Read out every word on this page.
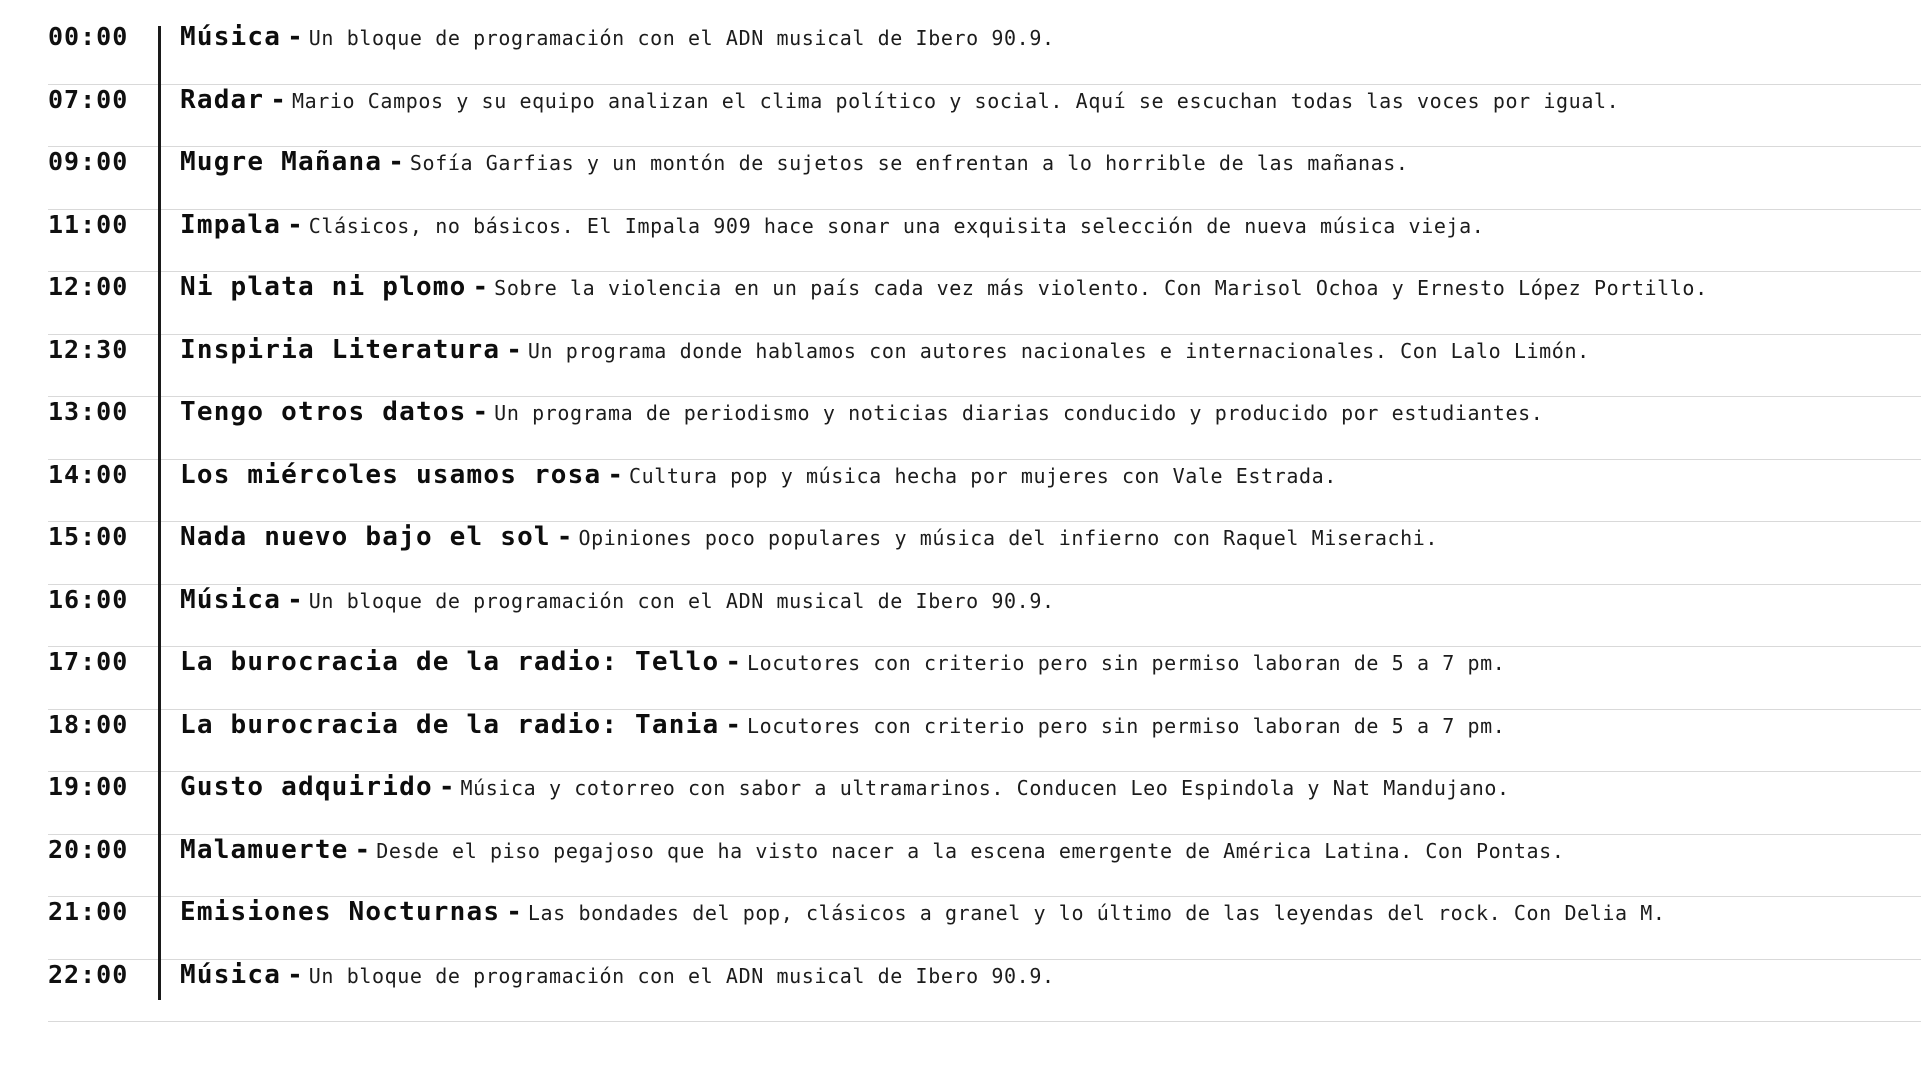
00:00	Música - Un bloque de programación con el ADN musical de Ibero 90.9.
07:00	Radar - Mario Campos y su equipo analizan el clima político y social. Aquí se escuchan todas las voces por igual.
09:00	Mugre Mañana - Sofía Garfias y un montón de sujetos se enfrentan a lo horrible de las mañanas.
11:00	Impala - Clásicos, no básicos. El Impala 909 hace sonar una exquisita selección de nueva música vieja.
12:00	Ni plata ni plomo - Sobre la violencia en un país cada vez más violento. Con Marisol Ochoa y Ernesto López Portillo.
12:30	Inspiria Literatura - Un programa donde hablamos con autores nacionales e internacionales. Con Lalo Limón.
13:00	Tengo otros datos - Un programa de periodismo y noticias diarias conducido y producido por estudiantes.
14:00	Los miércoles usamos rosa - Cultura pop y música hecha por mujeres con Vale Estrada.
15:00	Nada nuevo bajo el sol - Opiniones poco populares y música del infierno con Raquel Miserachi.
16:00	Música - Un bloque de programación con el ADN musical de Ibero 90.9.
17:00	La burocracia de la radio: Tello - Locutores con criterio pero sin permiso laboran de 5 a 7 pm.
18:00	La burocracia de la radio: Tania - Locutores con criterio pero sin permiso laboran de 5 a 7 pm.
19:00	Gusto adquirido - Música y cotorreo con sabor a ultramarinos. Conducen Leo Espindola y Nat Mandujano.
20:00	Malamuerte - Desde el piso pegajoso que ha visto nacer a la escena emergente de América Latina. Con Pontas.
21:00	Emisiones Nocturnas - Las bondades del pop, clásicos a granel y lo último de las leyendas del rock. Con Delia M.
22:00	Música - Un bloque de programación con el ADN musical de Ibero 90.9.
